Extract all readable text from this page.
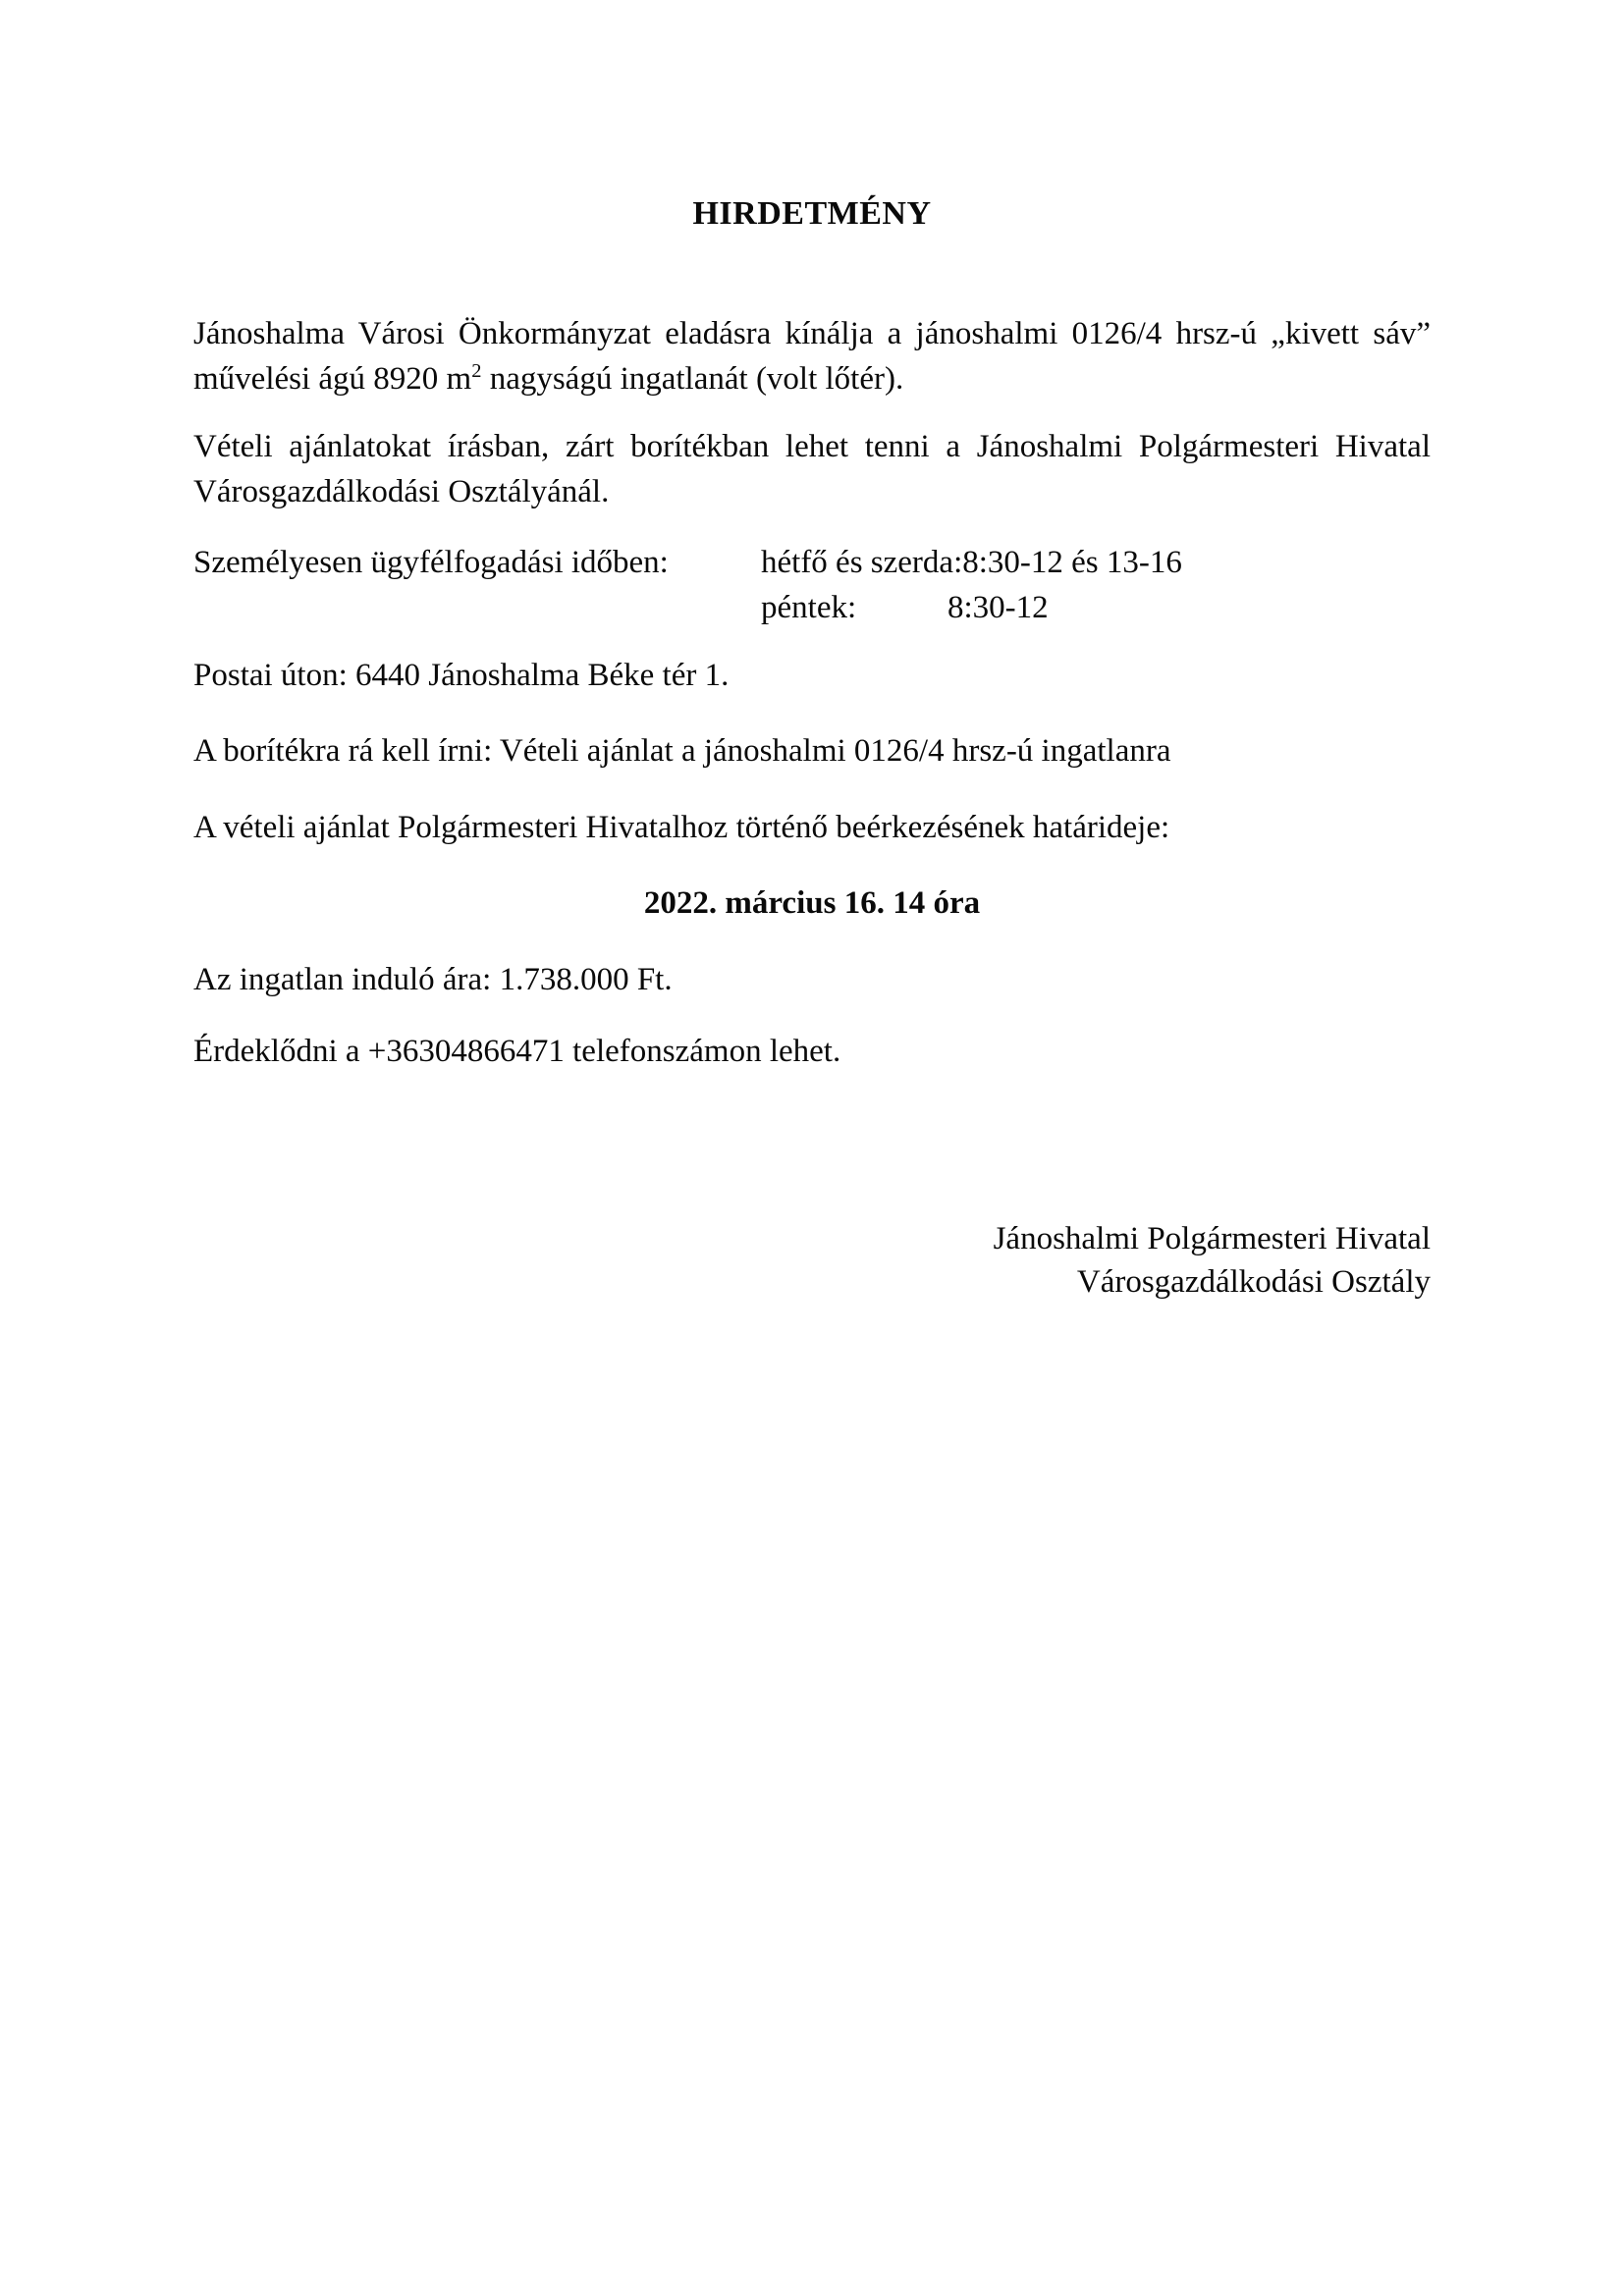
HIRDETMÉNY
Jánoshalma Városi Önkormányzat eladásra kínálja a jánoshalmi 0126/4 hrsz-ú „kivett sáv”
művelési ágú 8920 $m^2$ nagyságú ingatlanát (volt lőtér).
Vételi ajánlatokat írásban, zárt borítékban lehet tenni a Jánoshalmi Polgármesteri Hivatal
Városgazdálkodási Osztályánál.
Személyesen ügyfélfogadási időben:	hétfő és szerda: 8:30-12 és 13-16
péntek:	8:30-12
Postai úton: 6440 Jánoshalma Béke tér 1.
A borítékra rá kell írni: Vételi ajánlat a jánoshalmi 0126/4 hrsz-ú ingatlanra
A vételi ajánlat Polgármesteri Hivatalhoz történő beérkezésének határideje:
2022. március 16. 14 óra
Az ingatlan induló ára: 1.738.000 Ft.
Érdeklődni a +36304866471 telefonszámon lehet.
Jánoshalmi Polgármesteri Hivatal
Városgazdálkodási Osztály
